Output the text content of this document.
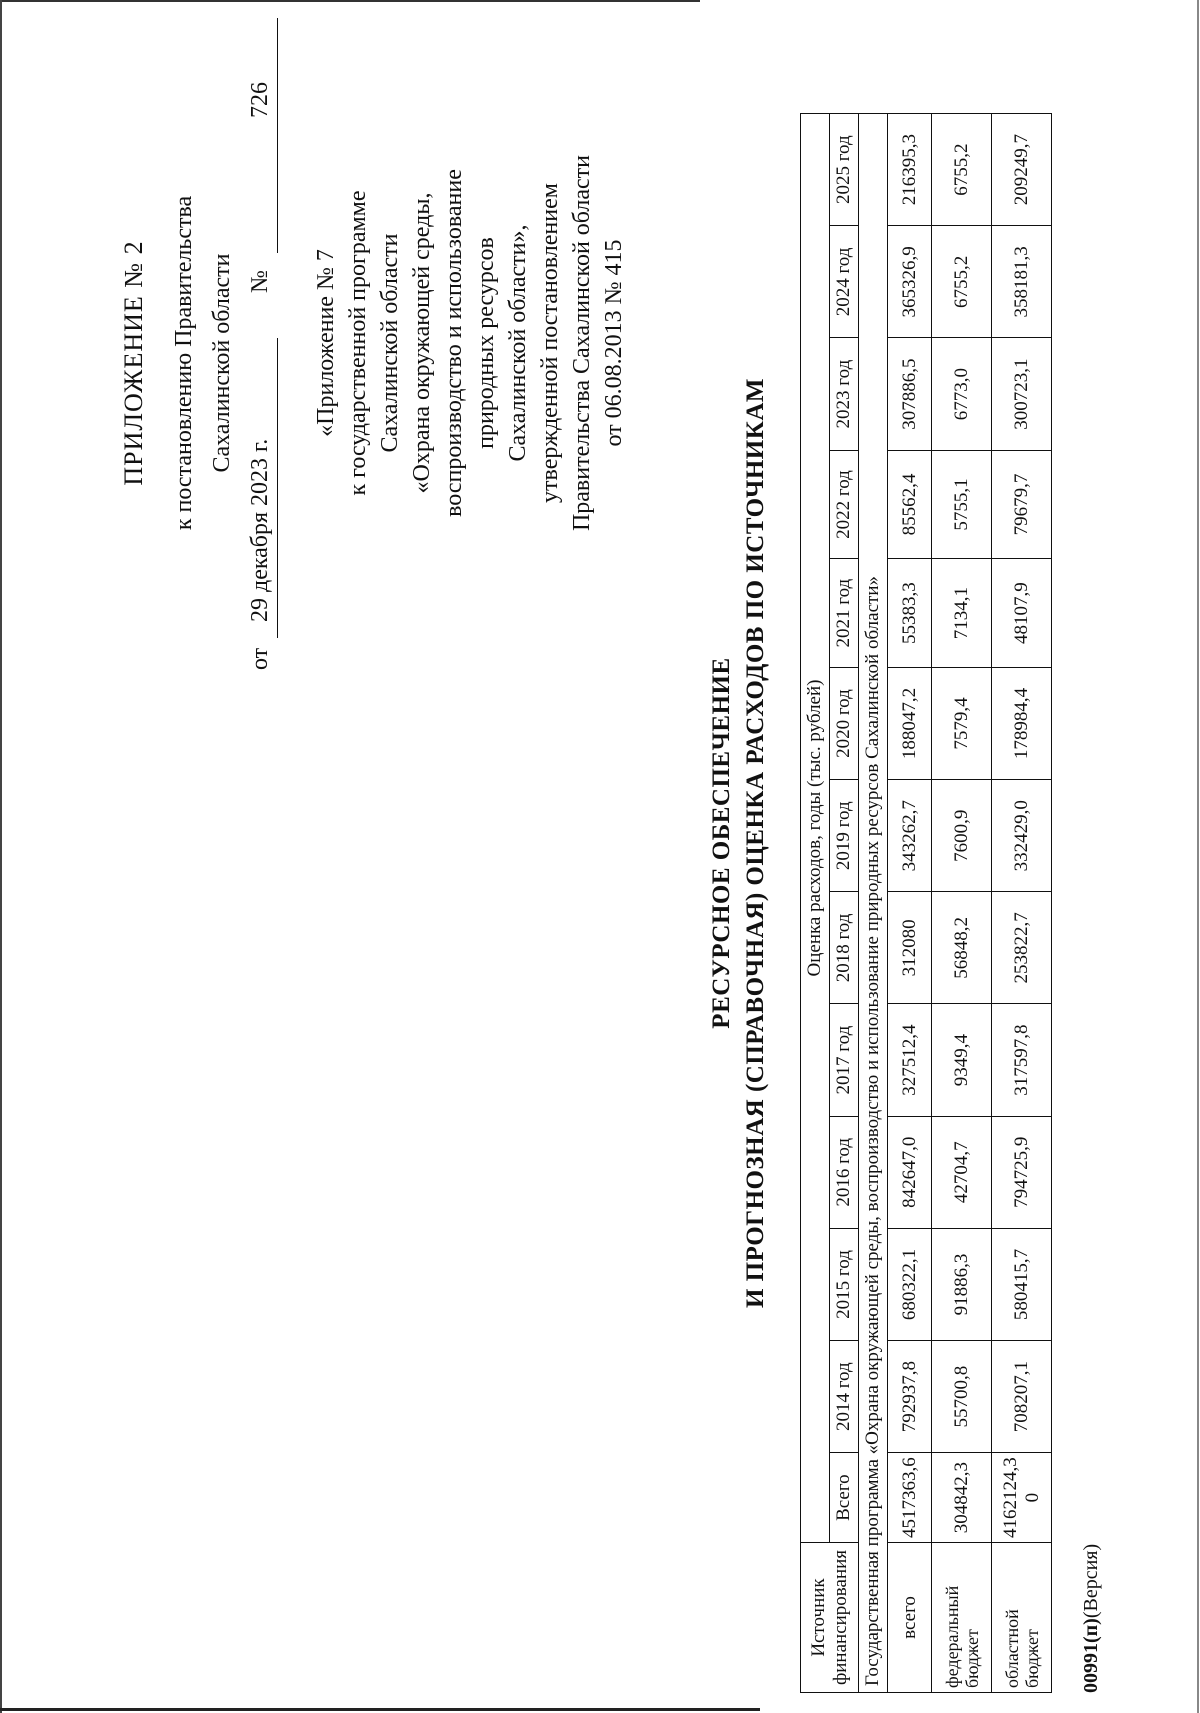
ПРИЛОЖЕНИЕ № 2 к постановлению Правительства Сахалинской области
от
29 декабря 2023 г.
№
726
«Приложение № 7 к государственной программе Сахалинской области «Охрана окружающей среды, воспроизводство и использование природных ресурсов Сахалинской области», утвержденной постановлением Правительства Сахалинской области от 06.08.2013 № 415
РЕСУРСНОЕ ОБЕСПЕЧЕНИЕ И ПРОГНОЗНАЯ (СПРАВОЧНАЯ) ОЦЕНКА РАСХОДОВ ПО ИСТОЧНИКАМ
Источник финансирования	Оценка расходов, годы (тыс. рублей)												
	Всего	2014 год	2015 год	2016 год	2017 год	2018 год	2019 год	2020 год	2021 год	2022 год	2023 год	2024 год	2025 год
Государственная программа «Охрана окружающей среды, воспроизводство и использование природных ресурсов Сахалинской области»													
всего	4517363,6	792937,8	680322,1	842647,0	327512,4	312080	343262,7	188047,2	55383,3	85562,4	307886,5	365326,9	216395,3
федеральный бюджет	304842,3	55700,8	91886,3	42704,7	9349,4	56848,2	7600,9	7579,4	7134,1	5755,1	6773,0	6755,2	6755,2
областной бюджет	4162124,3 0	708207,1	580415,7	794725,9	317597,8	253822,7	332429,0	178984,4	48107,9	79679,7	300723,1	358181,3	209249,7
00991(п)(Версия)
